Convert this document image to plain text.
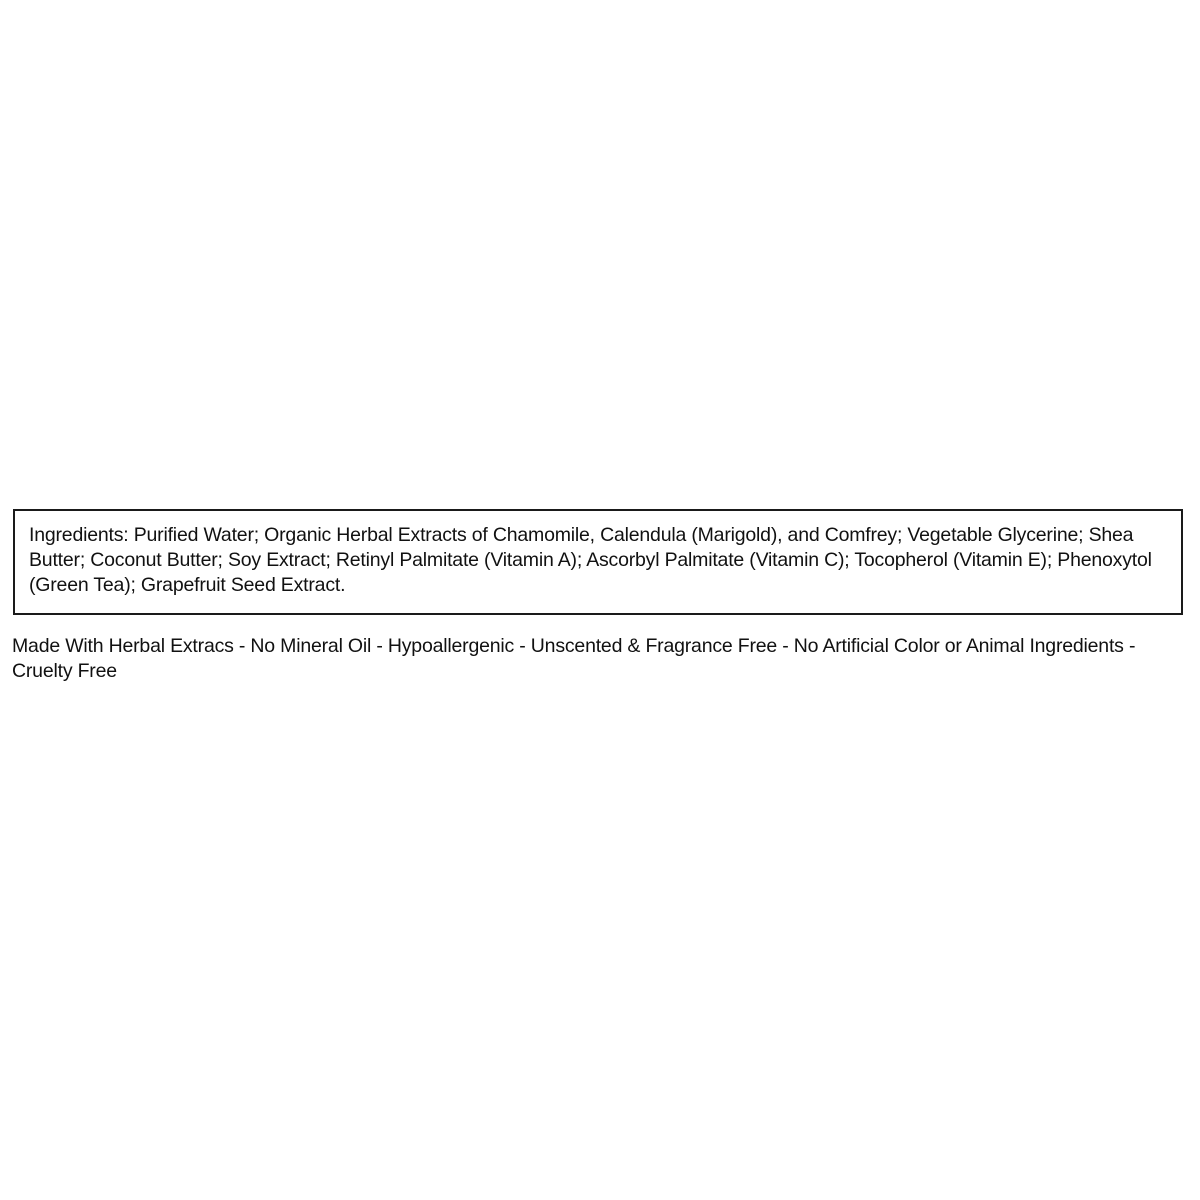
Ingredients: Purified Water; Organic Herbal Extracts of Chamomile, Calendula (Marigold), and Comfrey; Vegetable Glycerine; Shea Butter; Coconut Butter; Soy Extract; Retinyl Palmitate (Vitamin A); Ascorbyl Palmitate (Vitamin C); Tocopherol (Vitamin E); Phenoxytol (Green Tea); Grapefruit Seed Extract.

Made With Herbal Extracs - No Mineral Oil - Hypoallergenic - Unscented & Fragrance Free - No Artificial Color or Animal Ingredients - Cruelty Free
